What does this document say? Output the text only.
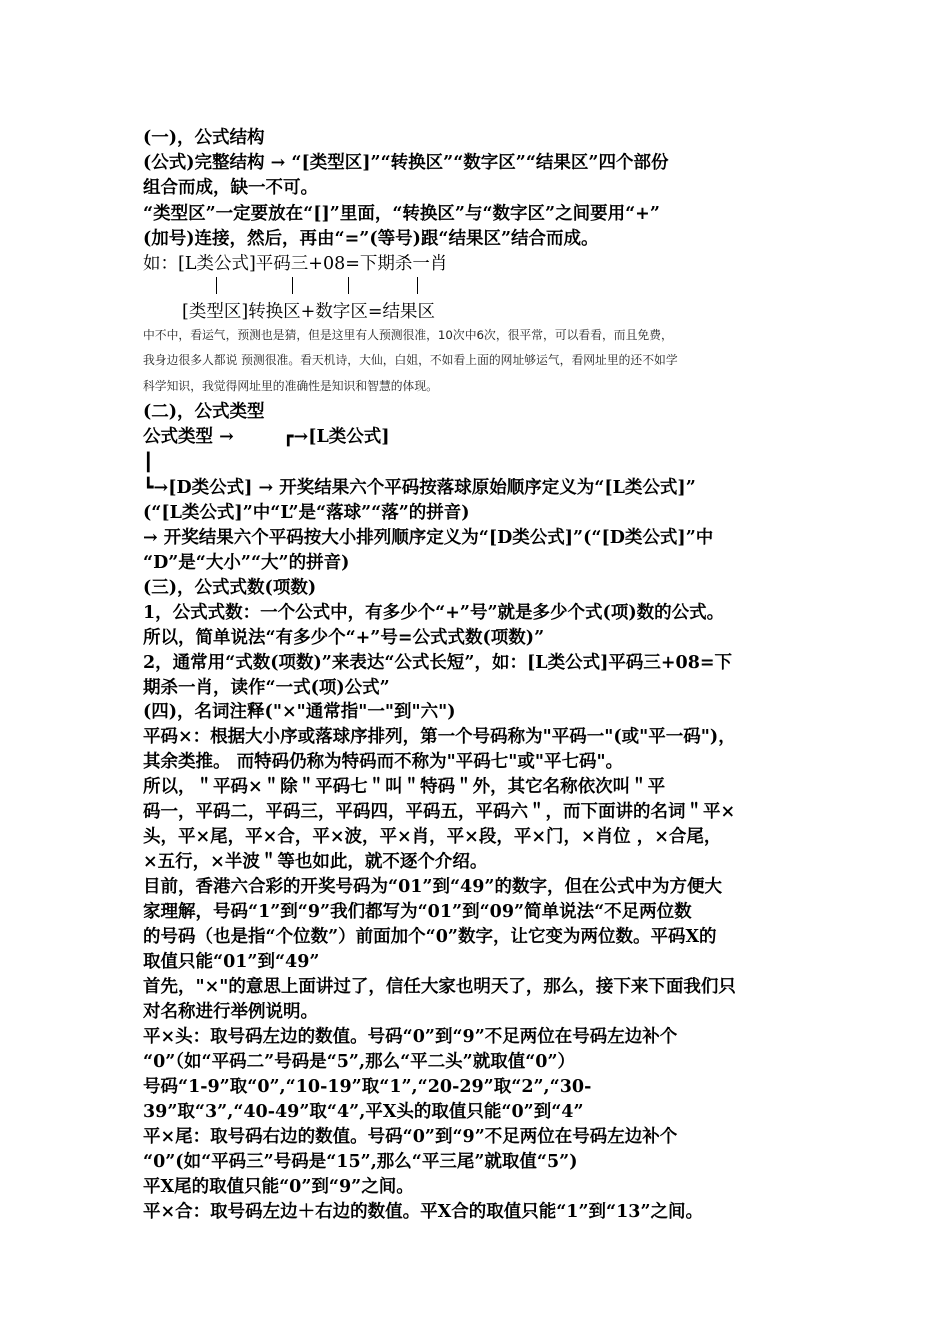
(一)，公式结构
(公式)完整结构 → “[类型区]”“转换区”“数字区”“结果区”四个部份
组合而成，缺一不可。
“类型区”一定要放在“[]”里面，“转换区”与“数字区”之间要用“+”
(加号)连接，然后，再由“=”(等号)跟“结果区”结合而成。
如：[L类公式]平码三+08=下期杀一肖
[类型区]转换区+数字区=结果区
中不中，看运气，预测也是猜，但是这里有人预测很准，10次中6次，很平常，可以看看，而且免费，
我身边很多人都说 预测很准。看天机诗，大仙，白姐，不如看上面的网址够运气，看网址里的还不如学
科学知识，我觉得网址里的准确性是知识和智慧的体现。
(二)，公式类型
公式类型 →	┏→[L类公式]
┃
┗→[D类公式] → 开奖结果六个平码按落球原始顺序定义为“[L类公式]”
(“[L类公式]”中“L”是“落球”“落”的拼音)
→ 开奖结果六个平码按大小排列顺序定义为“[D类公式]”(“[D类公式]”中
“D”是“大小”“大”的拼音)
(三)，公式式数(项数)
1，公式式数：一个公式中，有多少个“+”号”就是多少个式(项)数的公式。
所以，简单说法“有多少个“+”号=公式式数(项数)”
2，通常用“式数(项数)”来表达“公式长短”，如：[L类公式]平码三+08=下
期杀一肖，读作“一式(项)公式”
(四)，名词注释("×"通常指"一"到"六")
平码×：根据大小序或落球序排列，第一个号码称为"平码一"(或"平一码")，
其余类推。 而特码仍称为特码而不称为"平码七"或"平七码"。
所以，＂平码×＂除＂平码七＂叫＂特码＂外，其它名称依次叫＂平
码一，平码二，平码三，平码四，平码五，平码六＂，而下面讲的名词＂平×
头，平×尾，平×合，平×波，平×肖，平×段，平×门，×肖位 ，×合尾，
×五行，×半波＂等也如此，就不逐个介绍。
目前，香港六合彩的开奖号码为“01”到“49”的数字，但在公式中为方便大
家理解，号码“1”到“9”我们都写为“01”到“09”简单说法“不足两位数
的号码（也是指“个位数”）前面加个“0”数字，让它变为两位数。平码X的
取值只能“01”到“49”
首先，"×"的意思上面讲过了，信任大家也明天了，那么，接下来下面我们只
对名称进行举例说明。
平×头：取号码左边的数值。号码“0”到“9”不足两位在号码左边补个
“0”（如“平码二”号码是“5”,那么“平二头”就取值“0”）
号码“1-9”取“0”,“10-19”取“1”,“20-29”取“2”,“30-
39”取“3”,“40-49”取“4”,平X头的取值只能“0”到“4”
平×尾：取号码右边的数值。号码“0”到“9”不足两位在号码左边补个
“0”(如“平码三”号码是“15”,那么“平三尾”就取值“5”)
平X尾的取值只能“0”到“9”之间。
平×合：取号码左边＋右边的数值。平X合的取值只能“1”到“13”之间。
